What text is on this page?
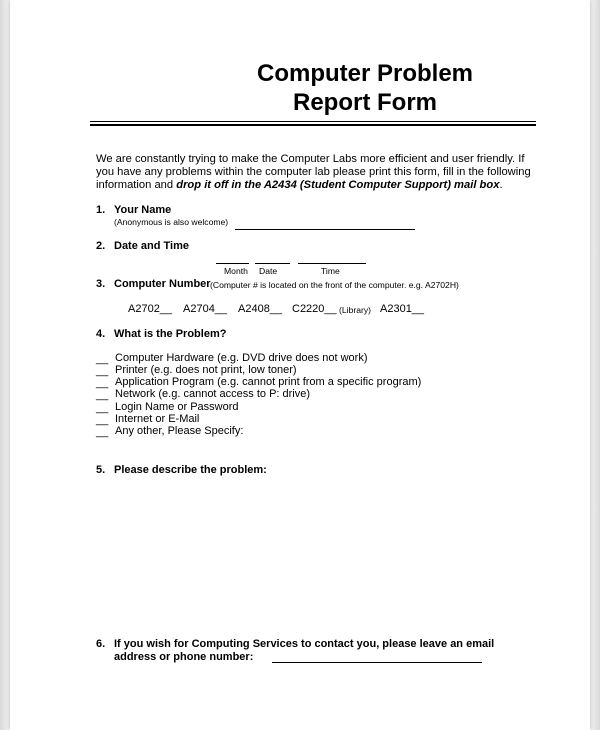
Computer Problem
Report Form
We are constantly trying to make the Computer Labs more efficient and user friendly. If
you have any problems within the computer lab please print this form, fill in the following
information and drop it off in the A2434 (Student Computer Support) mail box.
1. Your Name
(Anonymous is also welcome)
2. Date and Time
Month Date	Time
3. Computer Number (Computer # is located on the front of the computer. e.g. A2702H)
A2702__ A2704__ A2408__ C2220__ (Library) A2301__
4. What is the Problem?
__ Computer Hardware (e.g. DVD drive does not work)
__ Printer (e.g. does not print, low toner)
__ Application Program (e.g. cannot print from a specific program)
__ Network (e.g. cannot access to P: drive)
__ Login Name or Password
__ Internet or E-Mail
__ Any other, Please Specify:
5. Please describe the problem:
6. If you wish for Computing Services to contact you, please leave an email
address or phone number:
